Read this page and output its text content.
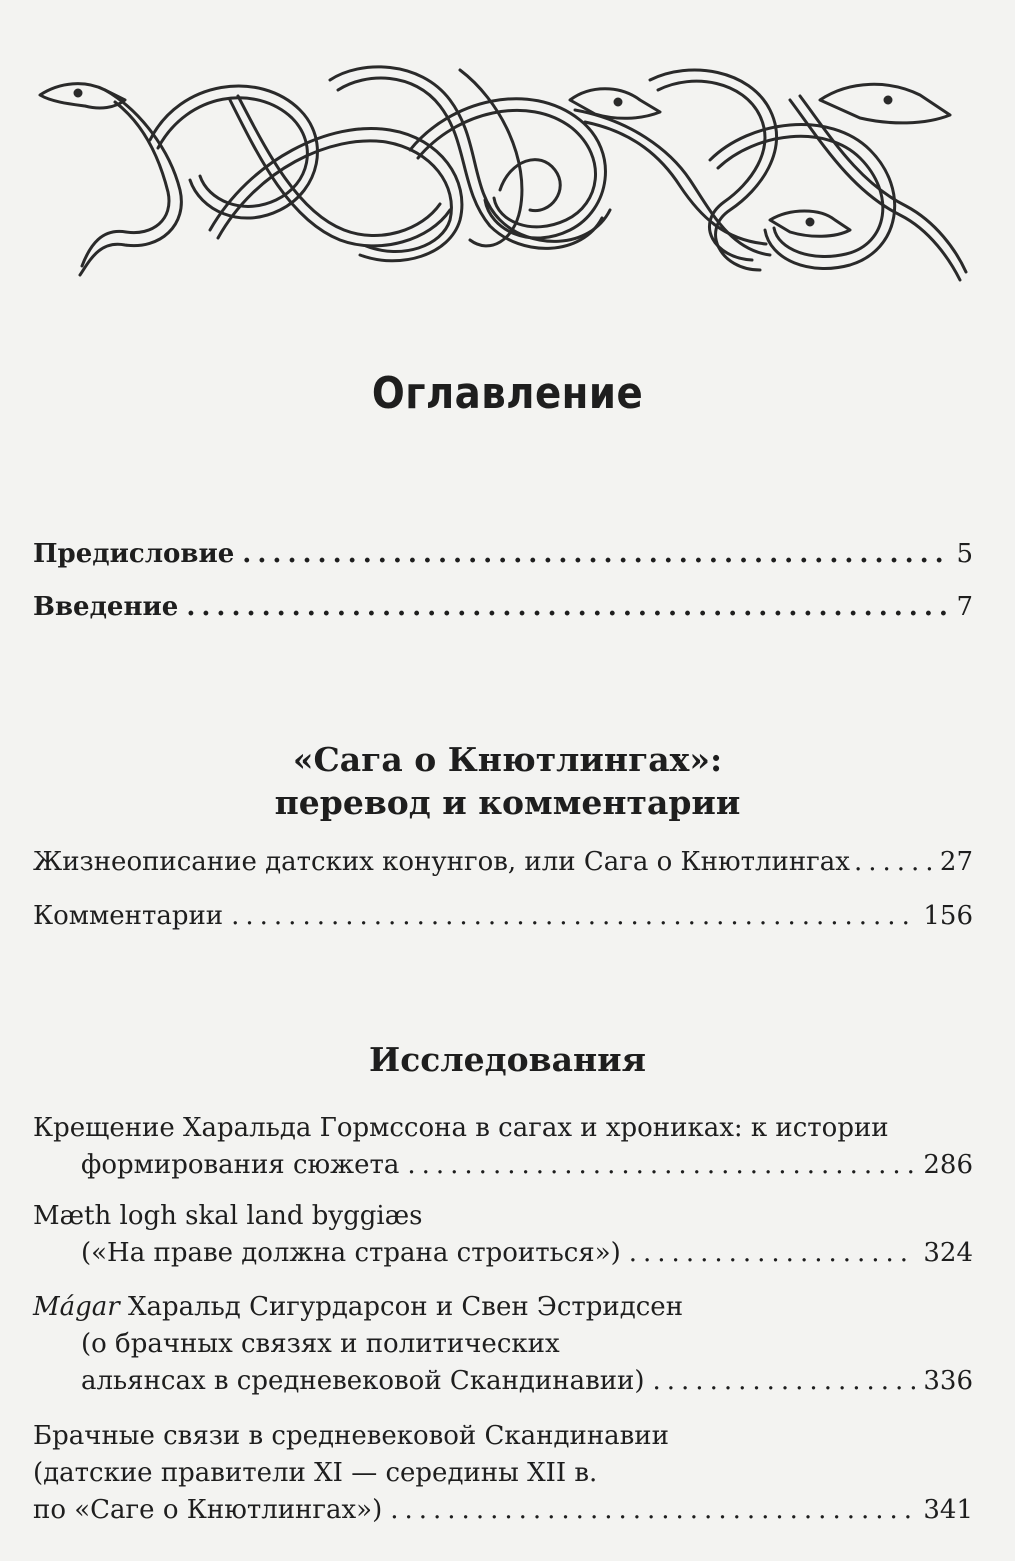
Оглавление
Предисловие .....	5
Введение .....	7
«Сага о Кнютлингах»:
перевод и комментарии
Жизнеописание датских конунгов, или Сага о Кнютлингах .....	27
Комментарии .....	156
Исследования
Крещение Харальда Гормссона в сагах и хрониках: к истории
формирования сюжета .....	286
Mæth logh skal land byggiæs
(«На праве должна страна строиться») .....	324
Mágar Харальд Сигурдарсон и Свен Эстридсен
(о брачных связях и политических
альянсах в средневековой Скандинавии) .....	336
Брачные связи в средневековой Скандинавии
(датские правители XI — середины XII в.
по «Саге о Кнютлингах») .....	341
